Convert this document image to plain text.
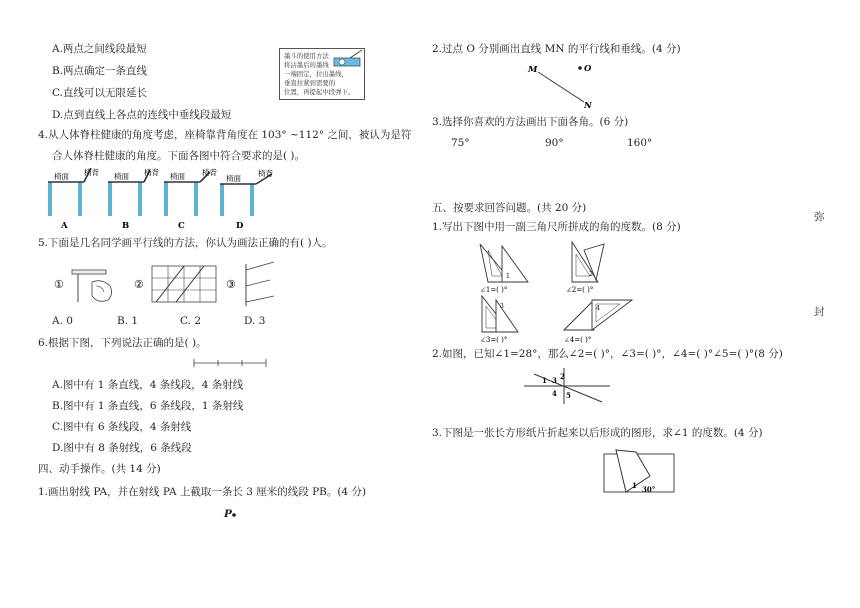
A.两点之间线段最短
B.两点确定一条直线
C.直线可以无限延长
D.点到直线上各点的连线中垂线段最短
墨斗的使用方法
将沾墨后的墨线
一端固定，拉出墨线，
垂直拉紧到需要的
位置，再提起中段弹下。
4.从人体脊柱健康的角度考虑，座椅靠背角度在 103° ~112° 之间，被认为是符
合人体脊柱健康的角度。下面各图中符合要求的是( )。
椅面 椅背
A
椅面 椅背
B
椅面 椅背
C
椅面
椅背
D
5.下面是几名同学画平行线的方法，你认为画法正确的有( )人。
①	②	③
A. 0	B. 1	C. 2	D. 3
6.根据下图，下列说法正确的是( )。
A.图中有 1 条直线，4 条线段，4 条射线
B.图中有 1 条直线，6 条线段，1 条射线
C.图中有 6 条线段，4 条射线
D.图中有 8 条射线，6 条线段
四、动手操作。(共 14 分)
1.画出射线 PA，并在射线 PA 上截取一条长 3 厘米的线段 PB。(4 分)
P
2.过点 O 分别画出直线 MN 的平行线和垂线。(4 分)
M
N
O
3.选择你喜欢的方法画出下面各角。(6 分)
75°	90°	160°
五、按要求回答问题。(共 20 分)
1.写出下图中用一副三角尺所拼成的角的度数。(8 分)
1
∠1=( )°
2
∠2=( )°
3
∠3=( )°
4
∠4=( )°
2.如图，已知∠1=28°，那么∠2=( )°，∠3=( )°，∠4=( )°∠5=( )°(8 分)
1 2
3
4 5
3.下图是一张长方形纸片折起来以后形成的图形，求∠1 的度数。(4 分)
1 30°
弥
封
